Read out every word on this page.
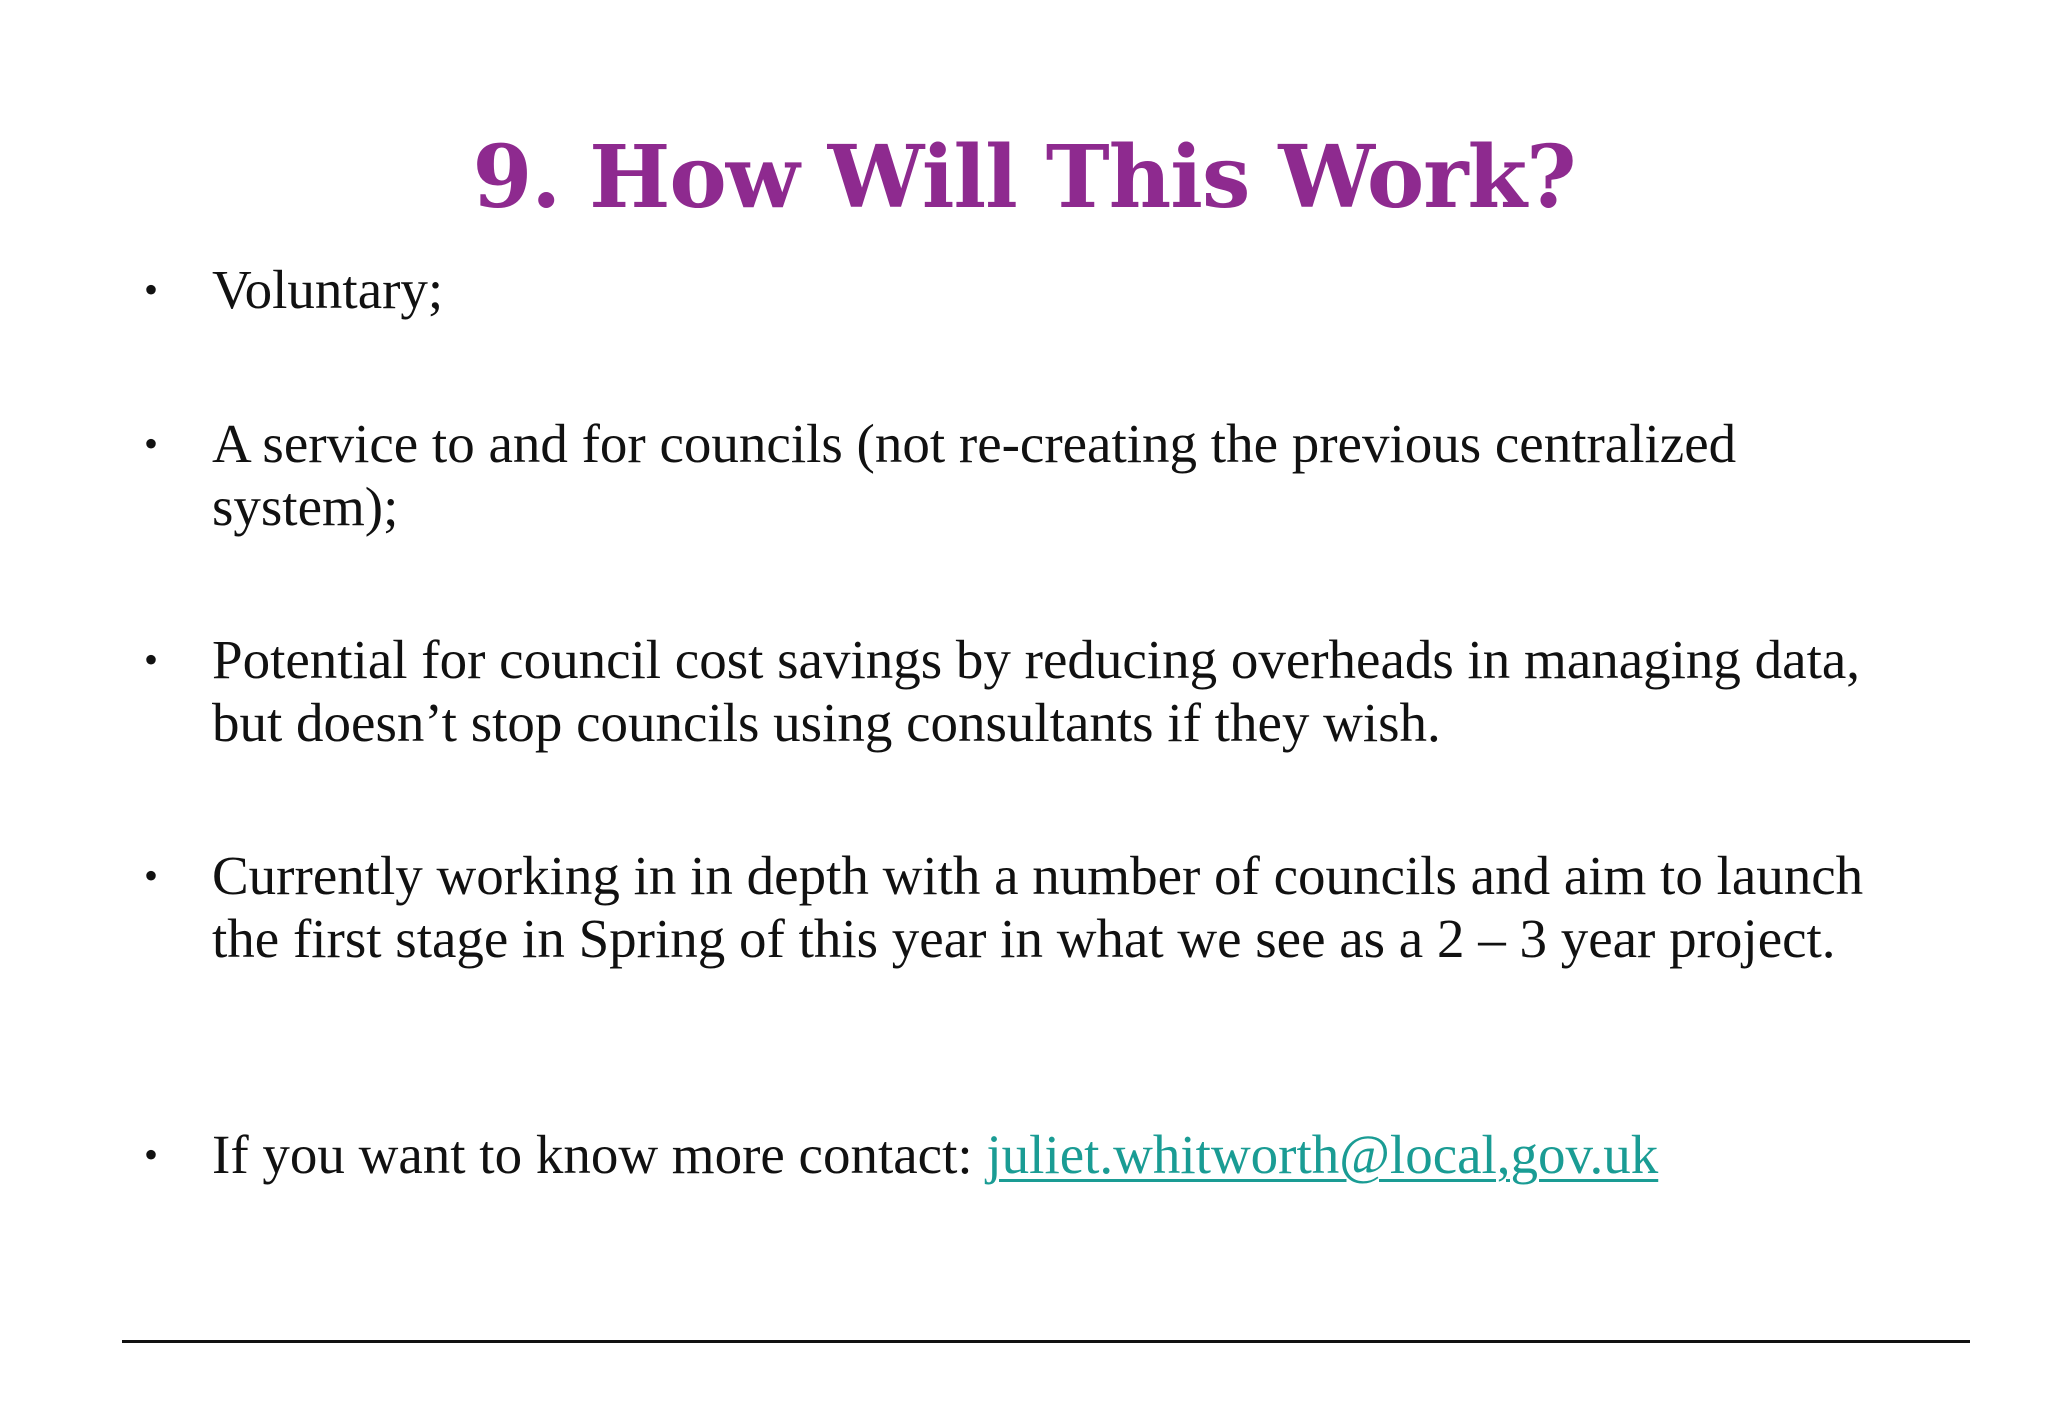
9. How Will This Work?
• Voluntary;
• A service to and for councils (not re-creating the previous centralized system);
• Potential for council cost savings by reducing overheads in managing data, but doesn’t stop councils using consultants if they wish.
• Currently working in in depth with a number of councils and aim to launch the first stage in Spring of this year in what we see as a 2 – 3 year project.
• If you want to know more contact: juliet.whitworth@local,gov.uk
